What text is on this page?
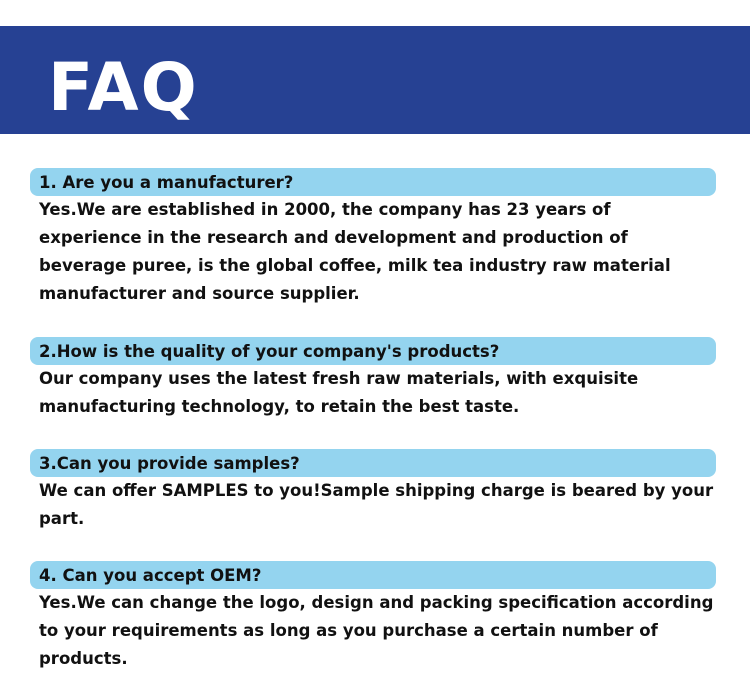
FAQ
1. Are you a manufacturer?

Yes.We are established in 2000, the company has 23 years of experience in the research and development and production of beverage puree, is the global coffee, milk tea industry raw material manufacturer and source supplier.

2.How is the quality of your company's products?

Our company uses the latest fresh raw materials, with exquisite manufacturing technology, to retain the best taste.

3.Can you provide samples?

We can offer SAMPLES to you!Sample shipping charge is beared by your part.

4. Can you accept OEM?

Yes.We can change the logo, design and packing specification according to your requirements as long as you purchase a certain number of products.
